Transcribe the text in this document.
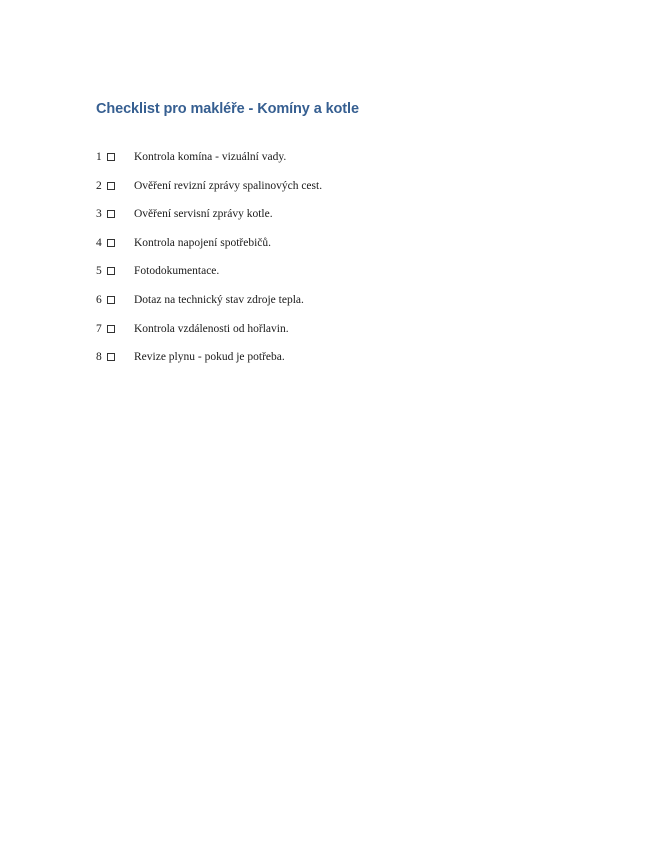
Checklist pro makléře - Komíny a kotle
1	Kontrola komína - vizuální vady.
2	Ověření revizní zprávy spalinových cest.
3	Ověření servisní zprávy kotle.
4	Kontrola napojení spotřebičů.
5	Fotodokumentace.
6	Dotaz na technický stav zdroje tepla.
7	Kontrola vzdálenosti od hořlavin.
8	Revize plynu - pokud je potřeba.
